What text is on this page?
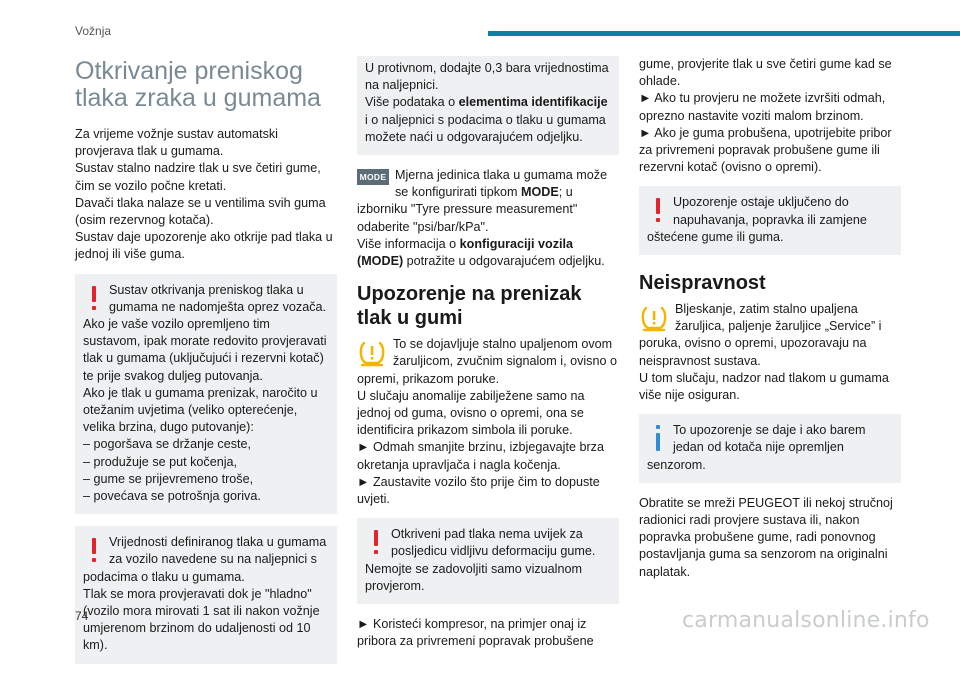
Vožnja
Otkrivanje preniskog tlaka zraka u gumama

Za vrijeme vožnje sustav automatski provjerava tlak u gumama.

Sustav stalno nadzire tlak u sve četiri gume, čim se vozilo počne kretati.

Davači tlaka nalaze se u ventilima svih guma (osim rezervnog kotača).

Sustav daje upozorenje ako otkrije pad tlaka u jednoj ili više guma.

Sustav otkrivanja preniskog tlaka u gumama ne nadomješta oprez vozača.

Ako je vaše vozilo opremljeno tim sustavom, ipak morate redovito provjeravati tlak u gumama (uključujući i rezervni kotač) te prije svakog duljeg putovanja.

Ako je tlak u gumama prenizak, naročito u otežanim uvjetima (veliko opterećenje, velika brzina, dugo putovanje):

– pogoršava se držanje ceste,

– produžuje se put kočenja,

– gume se prijevremeno troše,

– povećava se potrošnja goriva.

Vrijednosti definiranog tlaka u gumama za vozilo navedene su na naljepnici s podacima o tlaku u gumama.

Tlak se mora provjeravati dok je "hladno" (vozilo mora mirovati 1 sat ili nakon vožnje umjerenom brzinom do udaljenosti od 10 km).

U protivnom, dodajte 0,3 bara vrijednostima na naljepnici.

Više podataka o elementima identifikacije i o naljepnici s podacima o tlaku u gumama možete naći u odgovarajućem odjeljku.

MODE Mjerna jedinica tlaka u gumama može se konfigurirati tipkom MODE; u izborniku "Tyre pressure measurement" odaberite "psi/bar/kPa".

Više informacija o konfiguraciji vozila (MODE) potražite u odgovarajućem odjeljku.

Upozorenje na prenizak tlak u gumi

To se dojavljuje stalno upaljenom ovom žaruljicom, zvučnim signalom i, ovisno o opremi, prikazom poruke.

U slučaju anomalije zabilježene samo na jednoj od guma, ovisno o opremi, ona se identificira prikazom simbola ili poruke.

► Odmah smanjite brzinu, izbjegavajte brza okretanja upravljača i nagla kočenja.

► Zaustavite vozilo što prije čim to dopuste uvjeti.

Otkriveni pad tlaka nema uvijek za posljedicu vidljivu deformaciju gume.

Nemojte se zadovoljiti samo vizualnom provjerom.

► Koristeći kompresor, na primjer onaj iz pribora za privremeni popravak probušene

gume, provjerite tlak u sve četiri gume kad se ohlade.

► Ako tu provjeru ne možete izvršiti odmah, oprezno nastavite voziti malom brzinom.

► Ako je guma probušena, upotrijebite pribor za privremeni popravak probušene gume ili rezervni kotač (ovisno o opremi).

Upozorenje ostaje uključeno do napuhavanja, popravka ili zamjene oštećene gume ili guma.

Neispravnost

Bljeskanje, zatim stalno upaljena žaruljica, paljenje žaruljice „Service” i poruka, ovisno o opremi, upozoravaju na neispravnost sustava.

U tom slučaju, nadzor nad tlakom u gumama više nije osiguran.

To upozorenje se daje i ako barem jedan od kotača nije opremljen senzorom.

Obratite se mreži PEUGEOT ili nekoj stručnoj radionici radi provjere sustava ili, nakon popravka probušene gume, radi ponovnog postavljanja guma sa senzorom na originalni naplatak.

74	carmanualsonline.info
